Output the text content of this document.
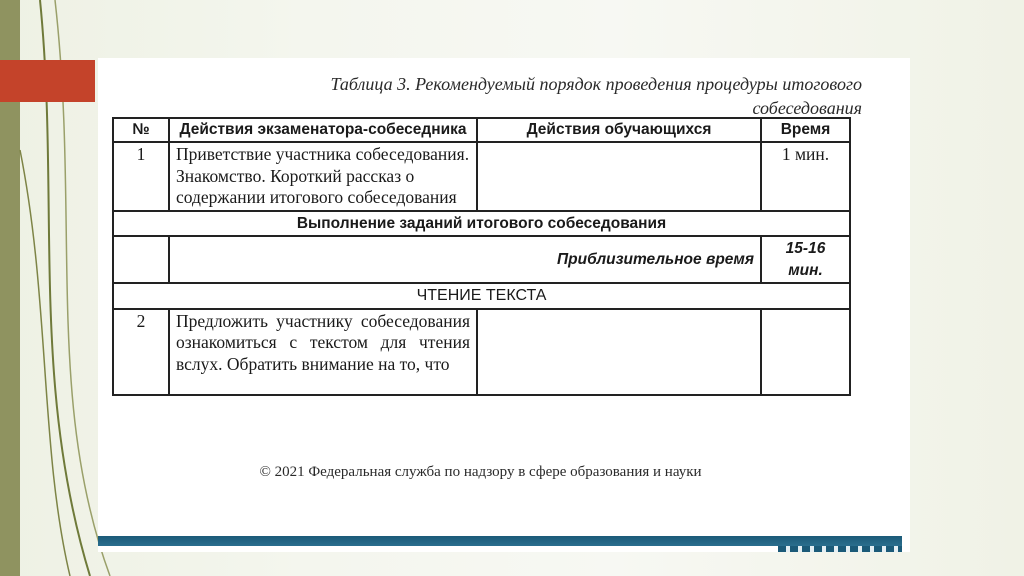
Таблица 3. Рекомендуемый порядок проведения процедуры итогового
собеседования
№	Действия экзаменатора-собеседника	Действия обучающихся	Время
1	Приветствие участника собеседования. Знакомство. Короткий рассказ о содержании итогового собеседования		1 мин.
Выполнение заданий итогового собеседования			
	Приблизительное время		15-16 мин.
ЧТЕНИЕ ТЕКСТА			
2	Предложить участнику собеседования ознакомиться с текстом для чтения вслух. Обратить внимание на то, что		

© 2021 Федеральная служба по надзору в сфере образования и науки
